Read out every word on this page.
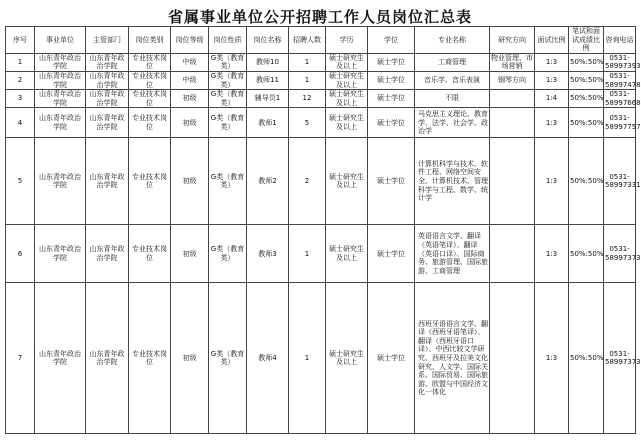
省属事业单位公开招聘工作人员岗位汇总表
序号	事业单位	主管部门	岗位类别	岗位等级	岗位性质	岗位名称	招聘人数	学历	学位	专业名称	研究方向	面试比例	笔试和面试成绩比例	咨询电话
1	山东青年政治学院	山东青年政治学院	专业技术岗位	中级	G类（教育类）	教师10	1	硕士研究生及以上	硕士学位	工商管理	物业管理、市场营销	1:3	50%:50%	0531-58997393
2	山东青年政治学院	山东青年政治学院	专业技术岗位	中级	G类（教育类）	教师11	1	硕士研究生及以上	硕士学位	音乐学、音乐表演	钢琴方向	1:3	50%:50%	0531-58997478
3	山东青年政治学院	山东青年政治学院	专业技术岗位	初级	G类（教育类）	辅导员1	12	硕士研究生及以上	硕士学位	不限		1:4	50%:50%	0531-58997668
4	山东青年政治学院	山东青年政治学院	专业技术岗位	初级	G类（教育类）	教师1	5	硕士研究生及以上	硕士学位	马克思主义理论、教育学、法学、社会学、政治学		1:3	50%:50%	0531-58997757
5	山东青年政治学院	山东青年政治学院	专业技术岗位	初级	G类（教育类）	教师2	2	硕士研究生及以上	硕士学位	计算机科学与技术、软件工程、网络空间安全、计算机技术、管理科学与工程、数学、统计学		1:3	50%:50%	0531-58997331
6	山东青年政治学院	山东青年政治学院	专业技术岗位	初级	G类（教育类）	教师3	1	硕士研究生及以上	硕士学位	英语语言文学、翻译（英语笔译）、翻译（英语口译）、国际商务、旅游管理、国际旅游、工商管理		1:3	50%:50%	0531-58997373
7	山东青年政治学院	山东青年政治学院	专业技术岗位	初级	G类（教育类）	教师4	1	硕士研究生及以上	硕士学位	西班牙语语言文学、翻译（西班牙语笔译）、翻译（西班牙语口译）、中西比较文学研究、西班牙及拉美文化研究、人文学、国际关系、国际贸易、国际旅游、欧盟与中国经济文化一体化		1:3	50%:50%	0531-58997373
